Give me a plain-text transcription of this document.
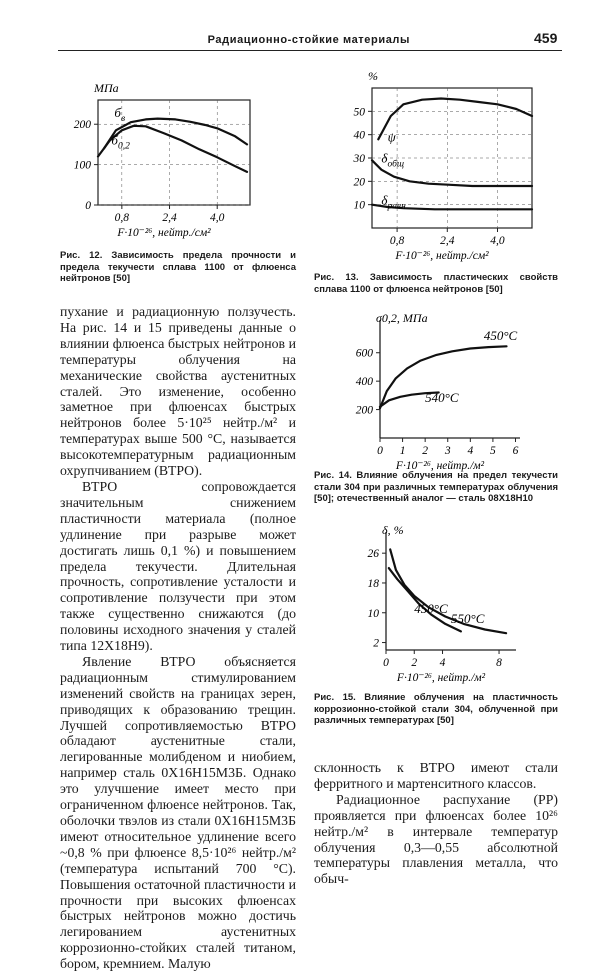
Радиационно-стойкие материалы	459
0
100
200
0,8	2,4	4,0
МПа
F·10⁻²⁶, нейтр./см²
$б_в$
$б_{0,2}$
Рис. 12. Зависимость предела прочности и предела текучести сплава 1100 от флюенса нейтронов [50]
10
20
30
40
50
0,8	2,4	4,0
%
F·10⁻²⁶, нейтр./см²
ψ
$\delta_{общ}$
$\delta_{равн}$
Рис. 13. Зависимость пластических свойств сплава 1100 от флюенса нейтронов [50]
200
400
600
0 1 2 3 4 5 6
σ0,2, МПа
F·10⁻²⁶, нейтр./м²
450°С
540°С
Рис. 14. Влияние облучения на предел текучести стали 304 при различных температурах облучения [50]; отечественный аналог — сталь 08Х18Н10
2
10
18
26
0 2 4	8
δ, %
F·10⁻²⁶, нейтр./м²
450°С
550°С
Рис. 15. Влияние облучения на пластичность коррозионно-стойкой стали 304, облученной при различных температурах [50]

пухание и радиационную ползучесть. На рис. 14 и 15 приведены данные о влиянии флюенса быстрых нейтронов и температуры облучения на механические свойства аустенитных сталей. Это изменение, особенно заметное при флюенсах быстрых нейтронов более 5·10²⁵ нейтр./м² и температурах выше 500 °С, называется высокотемпературным радиационным охрупчиванием (ВТРО).

ВТРО сопровождается значительным снижением пластичности материала (полное удлинение при разрыве может достигать лишь 0,1 %) и повышением предела текучести. Длительная прочность, сопротивление усталости и сопротивление ползучести при этом также существенно снижаются (до половины исходного значения у сталей типа 12Х18Н9).

Явление ВТРО объясняется радиационным стимулированием изменений свойств на границах зерен, приводящих к образованию трещин. Лучшей сопротивляемостью ВТРО обладают аустенитные стали, легированные молибденом и ниобием, например сталь 0Х16Н15М3Б. Однако это улучшение имеет место при ограниченном флюенсе нейтронов. Так, оболочки твэлов из стали 0Х16Н15М3Б имеют относительное удлинение всего ~0,8 % при флюенсе 8,5·10²⁶ нейтр./м² (температура испытаний 700 °С). Повышения остаточной пластичности и прочности при высоких флюенсах быстрых нейтронов можно достичь легированием аустенитных коррозионно-стойких сталей титаном, бором, кремнием. Малую

склонность к ВТРО имеют стали ферритного и мартенситного классов.

Радиационное распухание (РР) проявляется при флюенсах более 10²⁶ нейтр./м² в интервале температур облучения 0,3—0,55 абсолютной температуры плавления металла, что обыч-
